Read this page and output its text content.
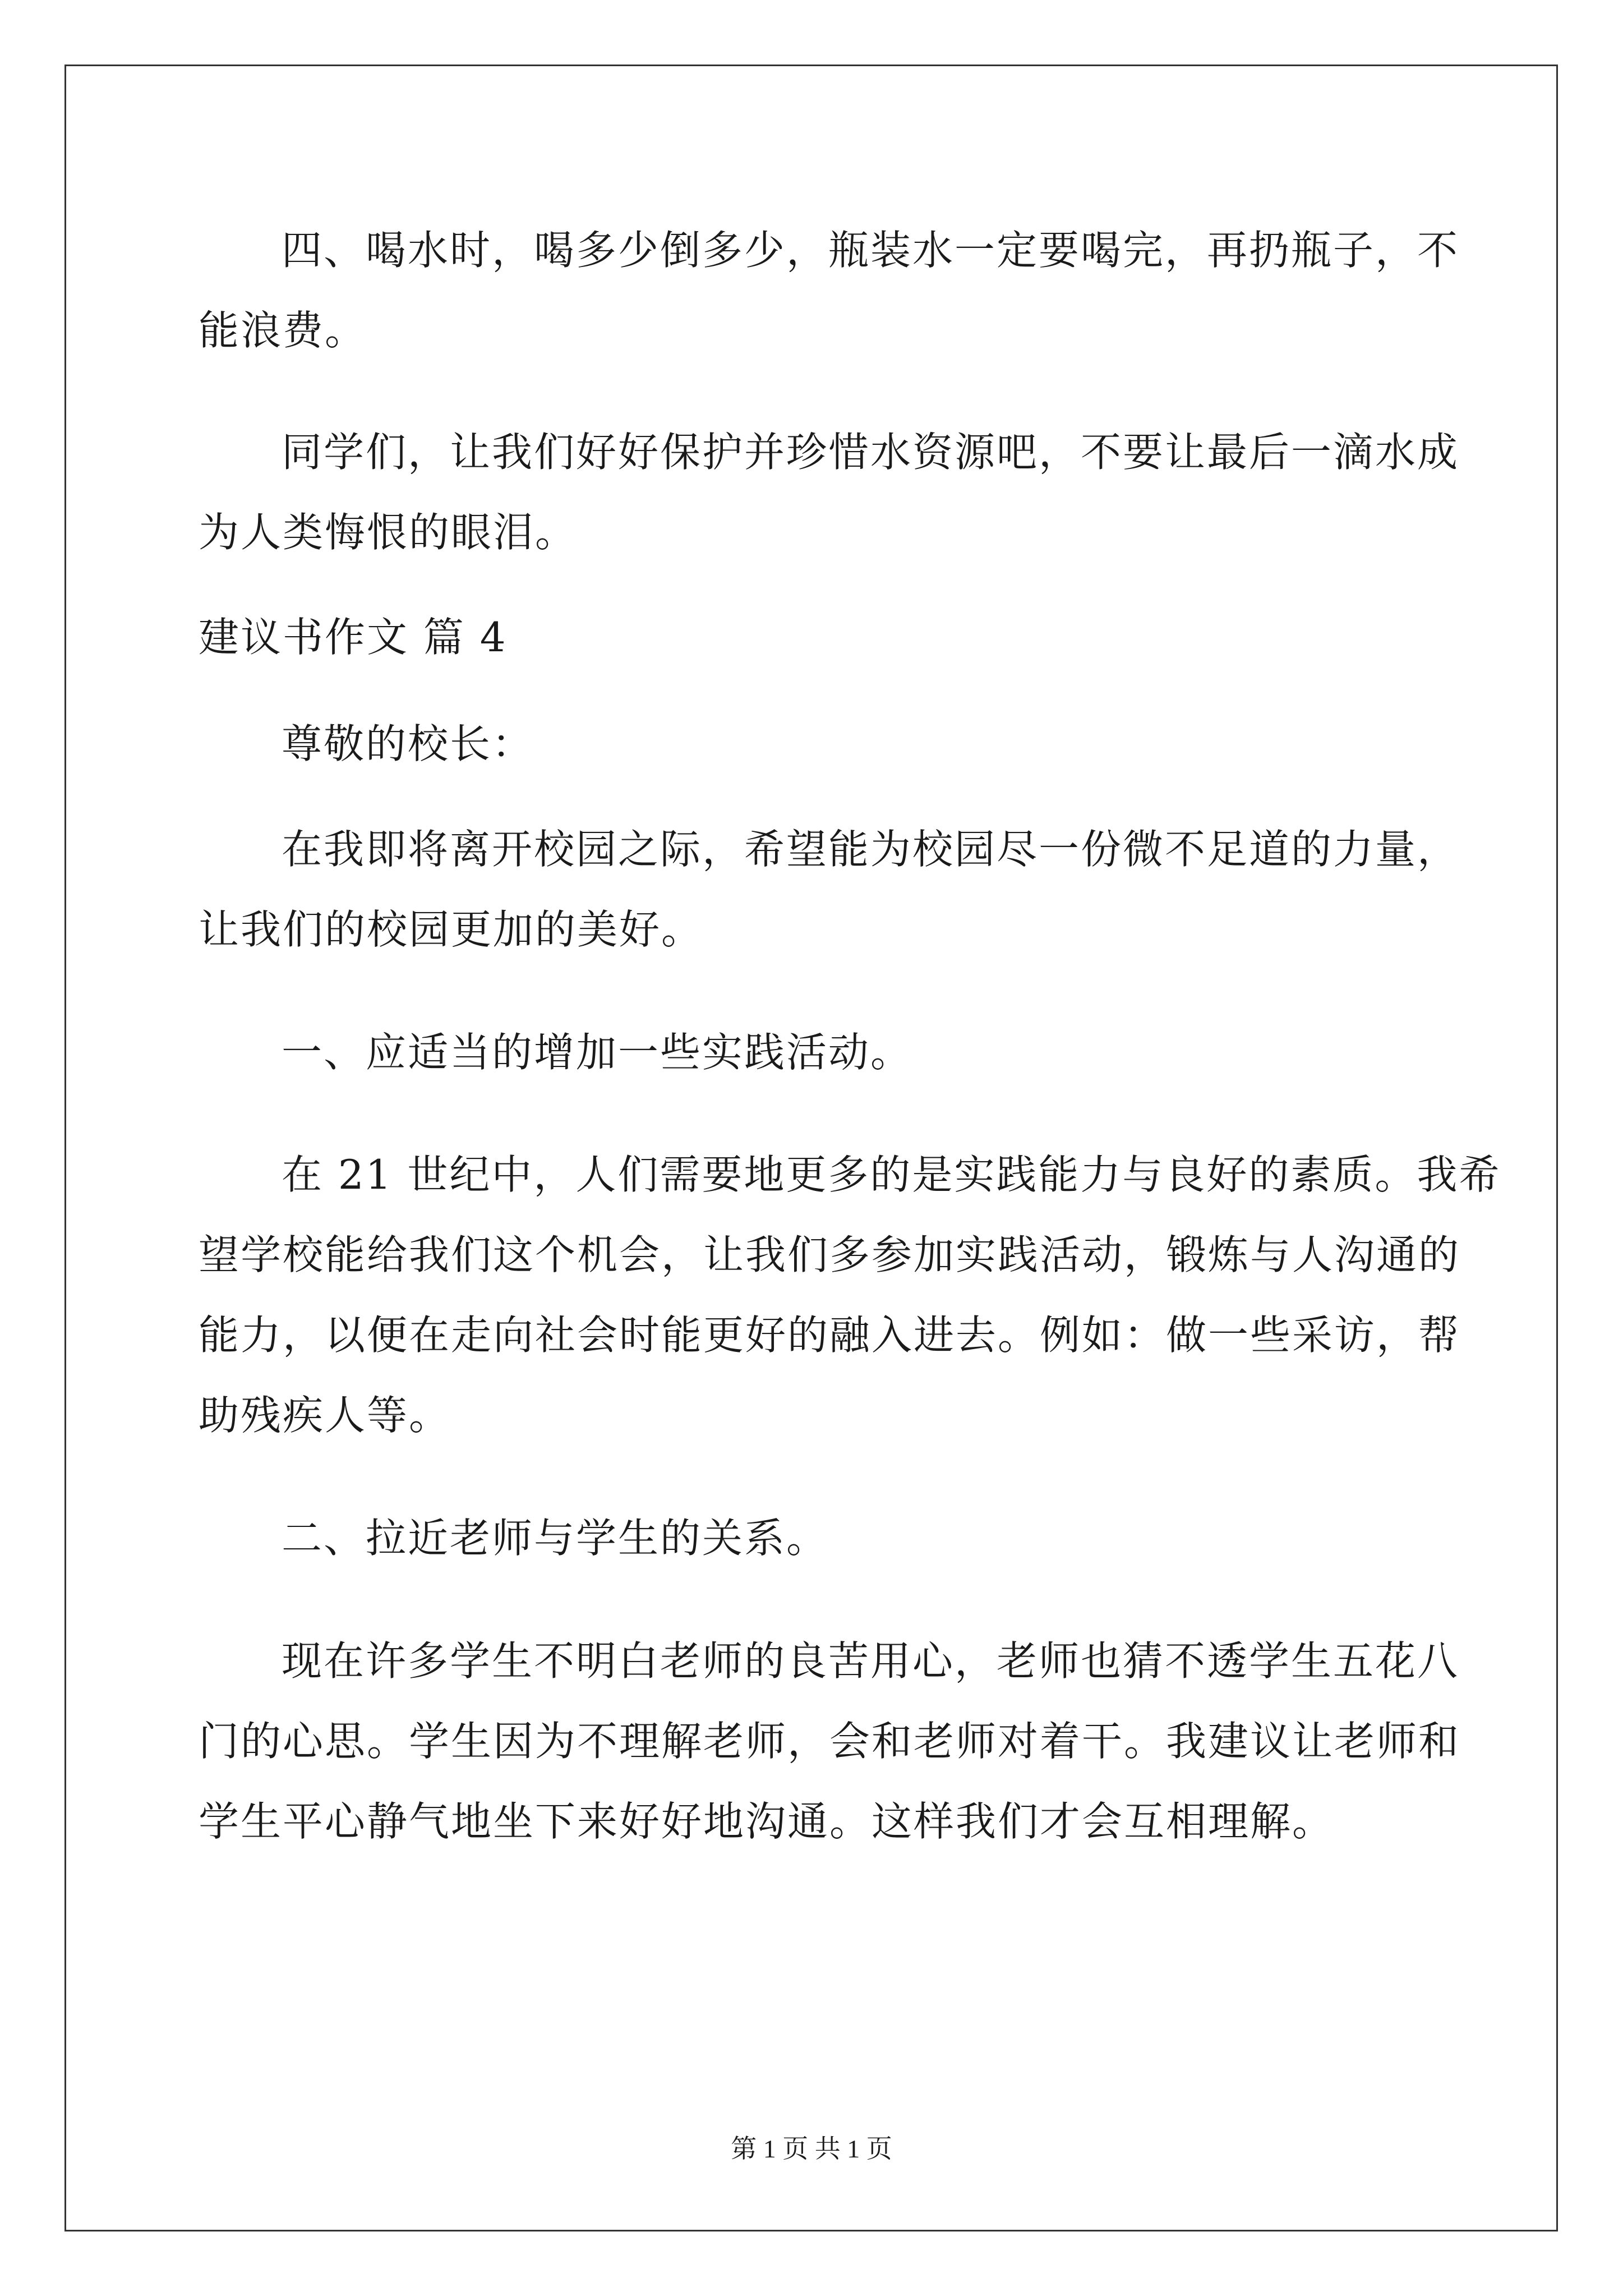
四、喝水时，喝多少倒多少，瓶装水一定要喝完，再扔瓶子，不

能浪费。

同学们，让我们好好保护并珍惜水资源吧，不要让最后一滴水成

为人类悔恨的眼泪。

建议书作文 篇 4

尊敬的校长：

在我即将离开校园之际，希望能为校园尽一份微不足道的力量，

让我们的校园更加的美好。

一、应适当的增加一些实践活动。

在 21 世纪中，人们需要地更多的是实践能力与良好的素质。我希

望学校能给我们这个机会，让我们多参加实践活动，锻炼与人沟通的

能力，以便在走向社会时能更好的融入进去。例如：做一些采访，帮

助残疾人等。

二、拉近老师与学生的关系。

现在许多学生不明白老师的良苦用心，老师也猜不透学生五花八

门的心思。学生因为不理解老师，会和老师对着干。我建议让老师和

学生平心静气地坐下来好好地沟通。这样我们才会互相理解。

第 1 页 共 1 页
